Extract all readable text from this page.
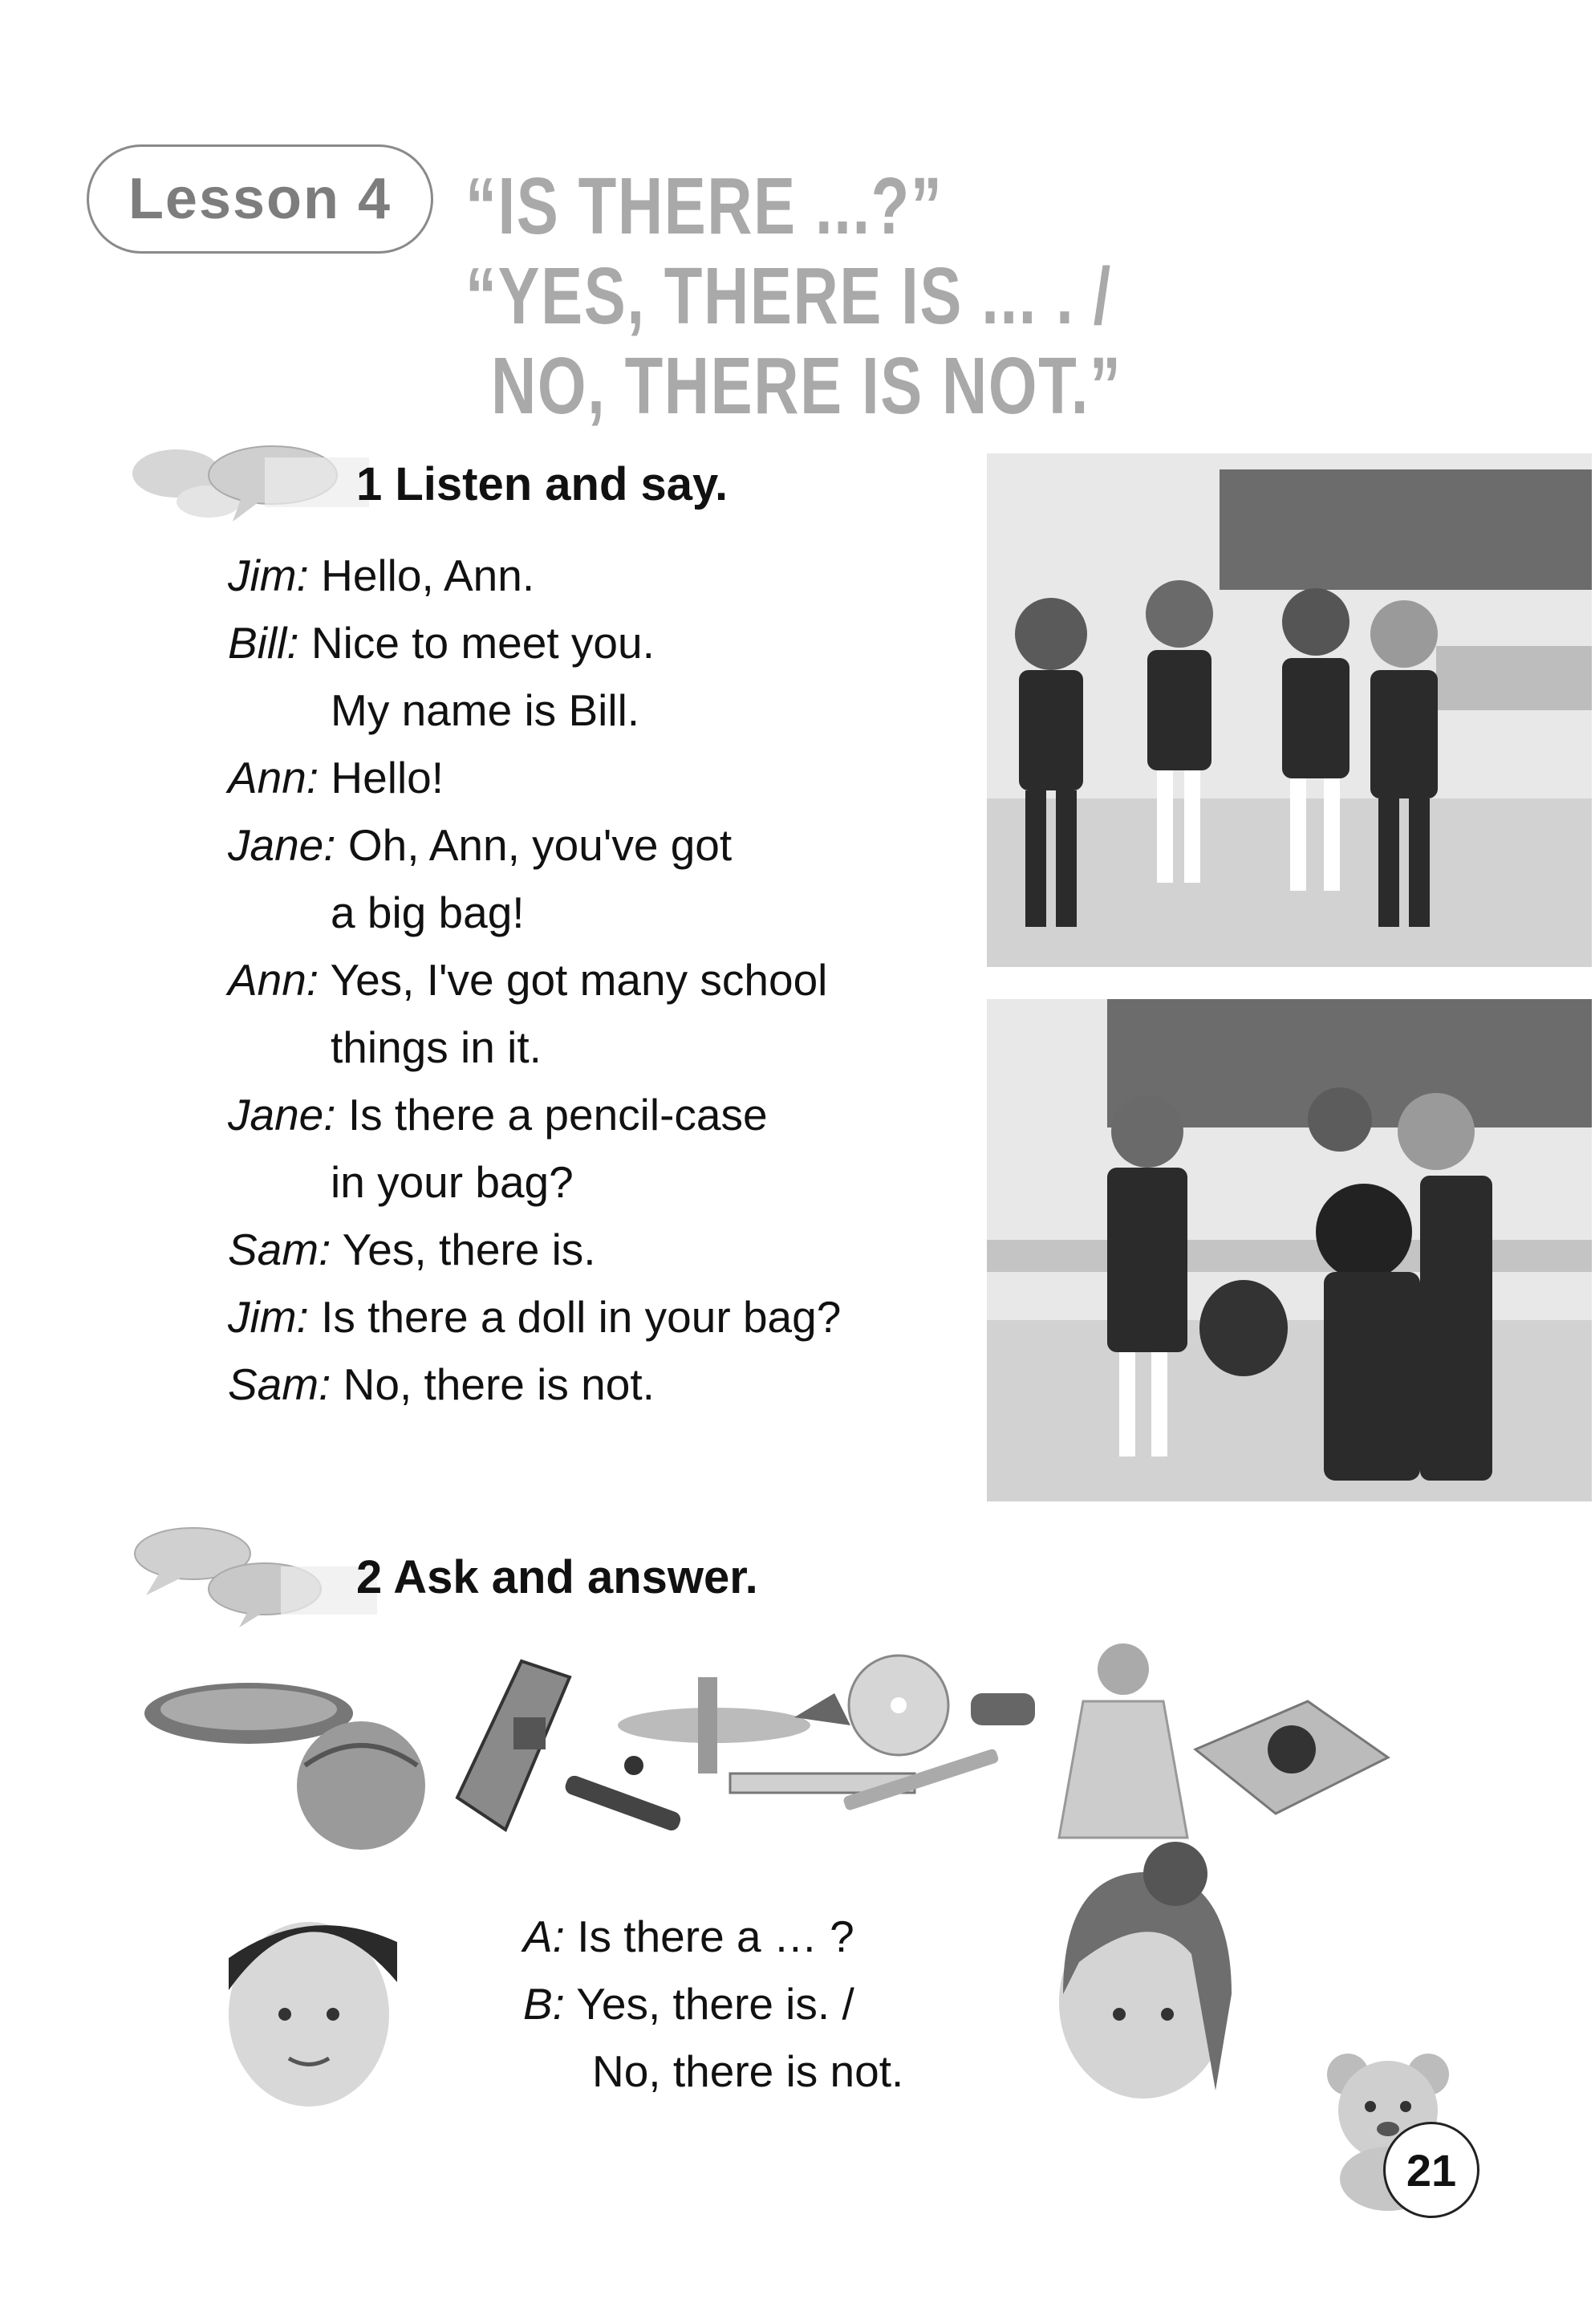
Lesson 4 “IS THERE ...?”
“YES, THERE IS ... . /
NO, THERE IS NOT.”
1 Listen and say.
Jim: Hello, Ann.
Bill: Nice to meet you.
My name is Bill.
Ann: Hello!
Jane: Oh, Ann, you've got
a big bag!
Ann: Yes, I've got many school
things in it.
Jane: Is there a pencil-case
in your bag?
Sam: Yes, there is.
Jim: Is there a doll in your bag?
Sam: No, there is not.
2 Ask and answer.
A: Is there a … ?
B: Yes, there is. /
No, there is not.
21
